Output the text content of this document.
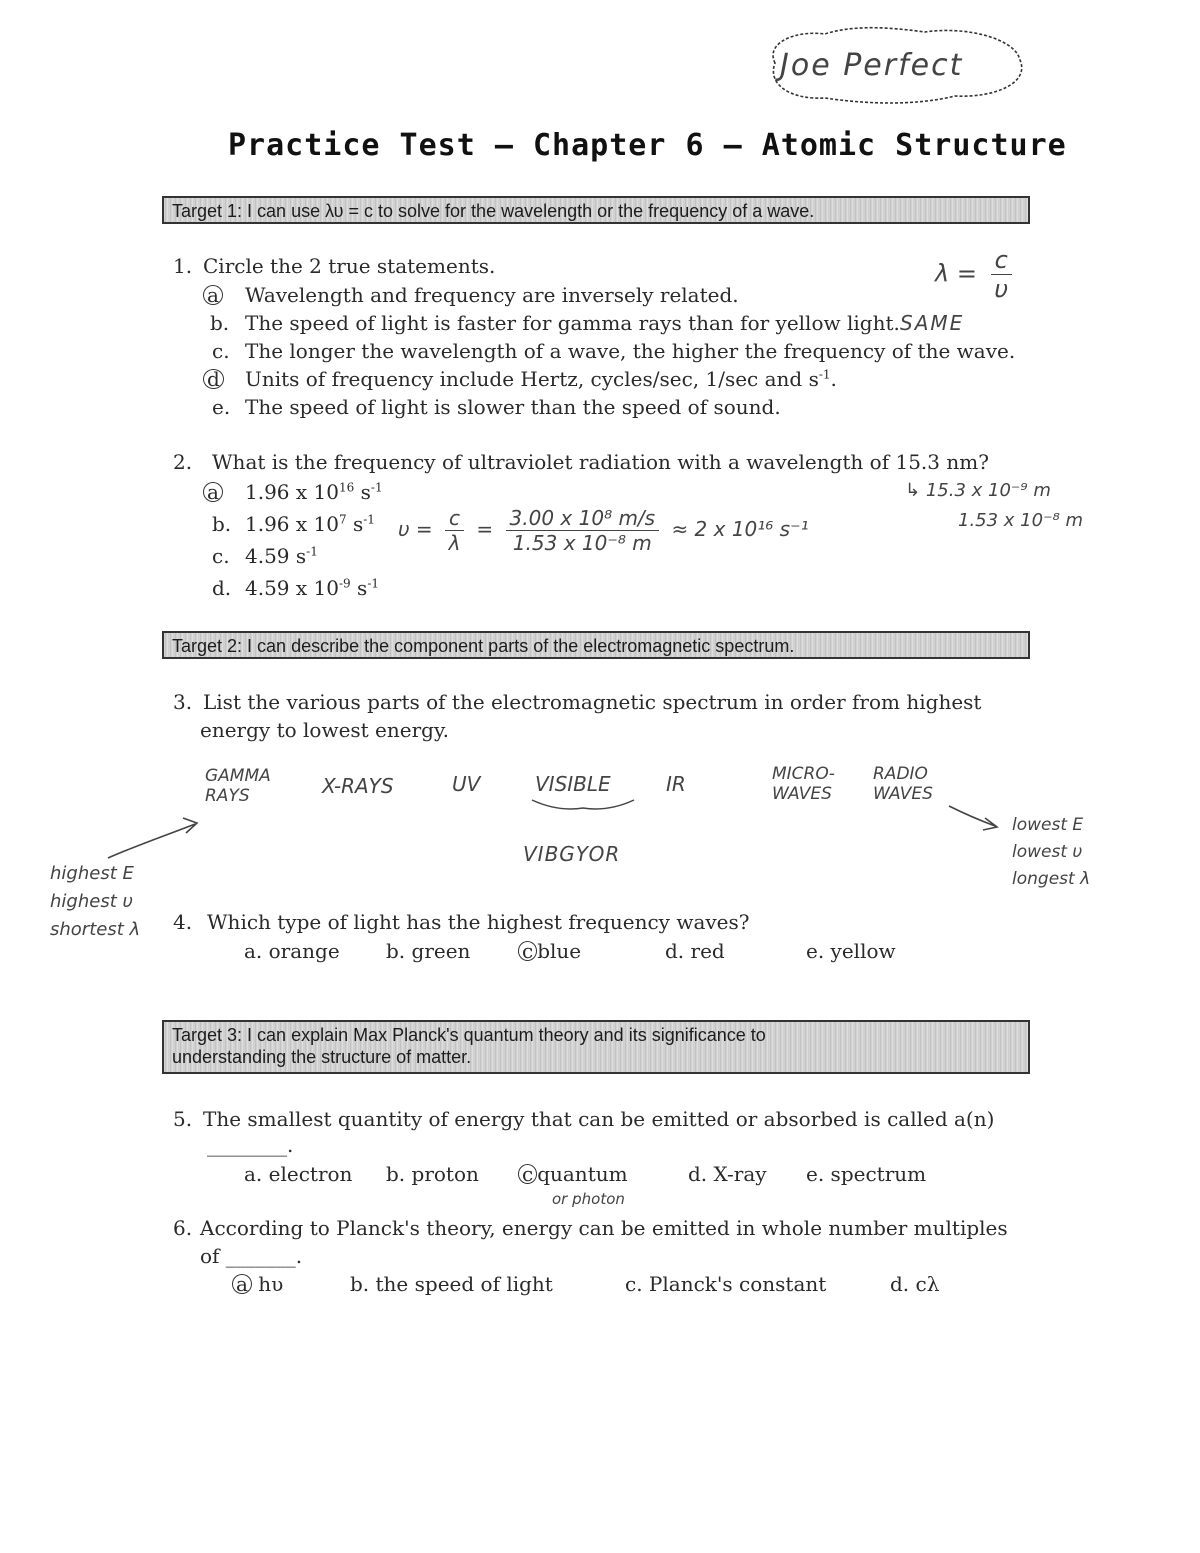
Joe Perfect
Practice Test – Chapter 6 – Atomic Structure
Target 1: I can use λυ = c to solve for the wavelength or the frequency of a wave.
1. Circle the 2 true statements.	$\lambda = \frac{c}{\upsilon}$
a Wavelength and frequency are inversely related.
b. The speed of light is faster for gamma rays than for yellow light. SAME
c. The longer the wavelength of a wave, the higher the frequency of the wave.
d Units of frequency include Hertz, cycles/sec, 1/sec and $s^{-1}$.
e. The speed of light is slower than the speed of sound.
2. What is the frequency of ultraviolet radiation with a wavelength of 15.3 nm?
a 1.96 x $10^{16}$ $s^{-1}$
b. 1.96 x $10^7$ $s^{-1}$
c. 4.59 $s^{-1}$
d. 4.59 x $10^{-9}$ $s^{-1}$
$\upsilon = \frac{c}{\lambda} = \frac{\text{3.00 x 10⁸ m/s}}{\text{1.53 x 10⁻⁸ m}} \approx 2$ x 10¹⁶ s⁻¹
↳ 15.3 x 10⁻⁹ m
1.53 x 10⁻⁸ m
Target 2: I can describe the component parts of the electromagnetic spectrum.
3. List the various parts of the electromagnetic spectrum in order from highest
energy to lowest energy.
GAMMA RAYS	X-RAYS	UV	VISIBLE	IR	MICRO-WAVES
RADIO WAVES
VIBGYOR
highest E
highest υ
shortest λ
lowest E
lowest υ
longest λ
4. Which type of light has the highest frequency waves?
a. orange b. green	c blue	d. red	e. yellow
Target 3: I can explain Max Planck's quantum theory and its significance to
understanding the structure of matter.
5. The smallest quantity of energy that can be emitted or absorbed is called a(n)
________.
a. electron b. proton c quantum	d. X-ray e. spectrum
or photon
6. According to Planck's theory, energy can be emitted in whole number multiples
of _______.
a hυ	b. the speed of light	c. Planck's constant	d. cλ
